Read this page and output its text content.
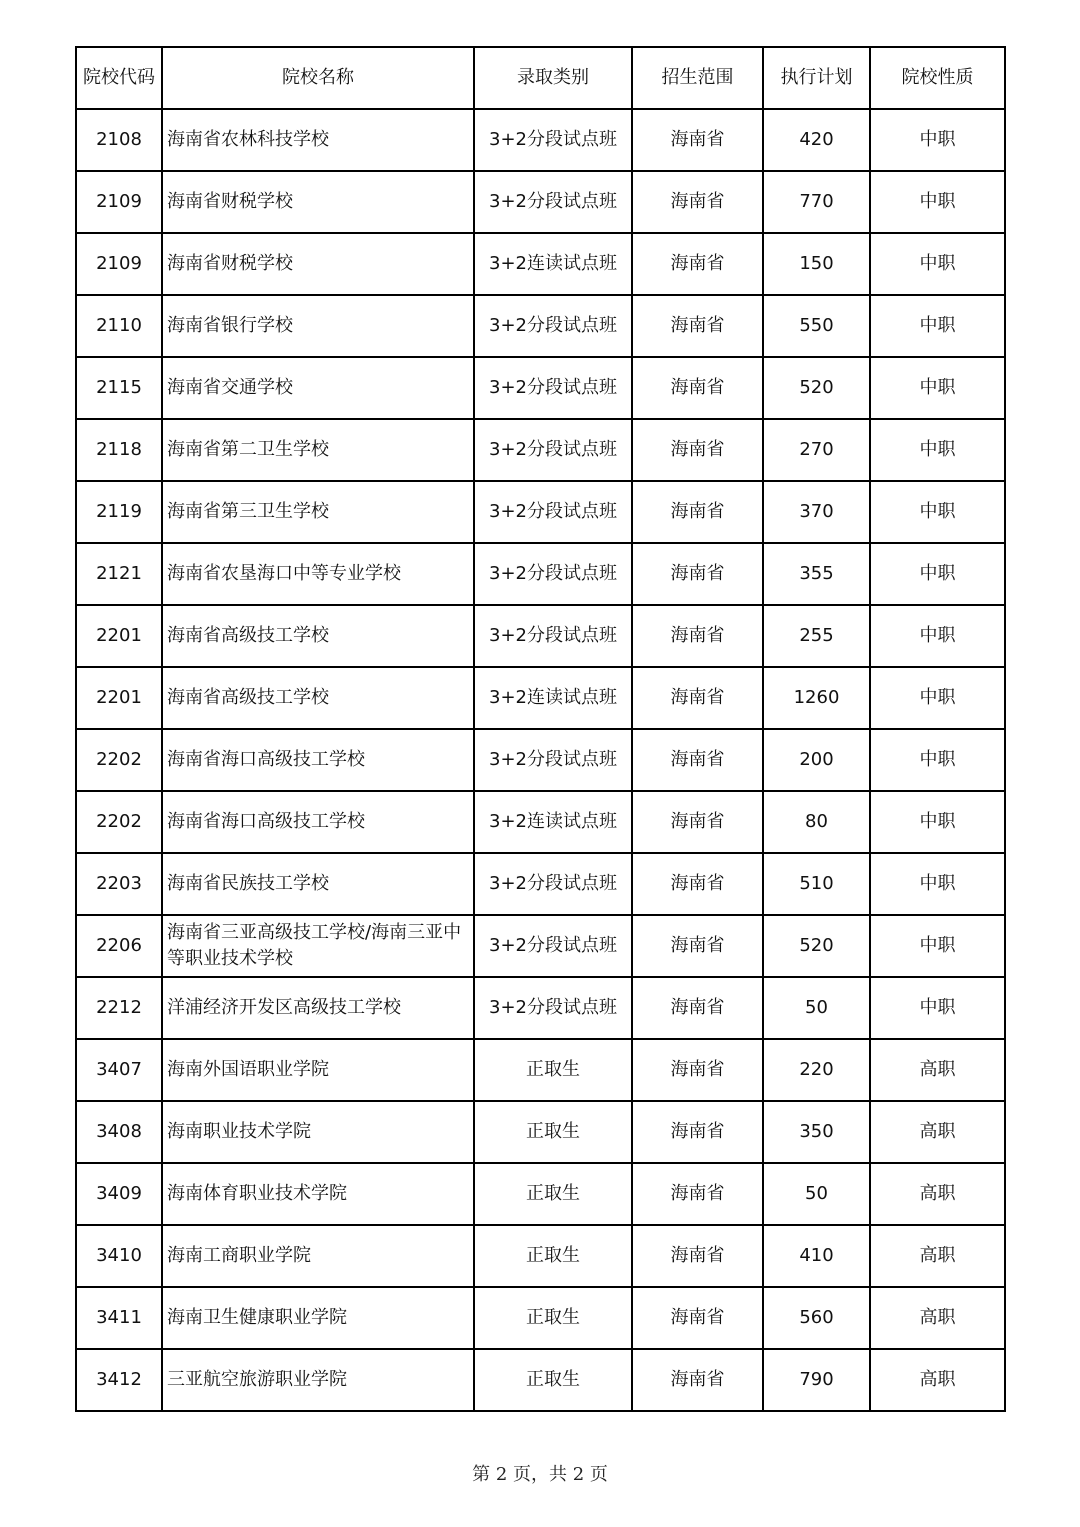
院校代码	院校名称	录取类别	招生范围	执行计划	院校性质
2108	海南省农林科技学校	3+2分段试点班	海南省	420	中职
2109	海南省财税学校	3+2分段试点班	海南省	770	中职
2109	海南省财税学校	3+2连读试点班	海南省	150	中职
2110	海南省银行学校	3+2分段试点班	海南省	550	中职
2115	海南省交通学校	3+2分段试点班	海南省	520	中职
2118	海南省第二卫生学校	3+2分段试点班	海南省	270	中职
2119	海南省第三卫生学校	3+2分段试点班	海南省	370	中职
2121	海南省农垦海口中等专业学校	3+2分段试点班	海南省	355	中职
2201	海南省高级技工学校	3+2分段试点班	海南省	255	中职
2201	海南省高级技工学校	3+2连读试点班	海南省	1260	中职
2202	海南省海口高级技工学校	3+2分段试点班	海南省	200	中职
2202	海南省海口高级技工学校	3+2连读试点班	海南省	80	中职
2203	海南省民族技工学校	3+2分段试点班	海南省	510	中职
2206	海南省三亚高级技工学校/海南三亚中等职业技术学校	3+2分段试点班	海南省	520	中职
2212	洋浦经济开发区高级技工学校	3+2分段试点班	海南省	50	中职
3407	海南外国语职业学院	正取生	海南省	220	高职
3408	海南职业技术学院	正取生	海南省	350	高职
3409	海南体育职业技术学院	正取生	海南省	50	高职
3410	海南工商职业学院	正取生	海南省	410	高职
3411	海南卫生健康职业学院	正取生	海南省	560	高职
3412	三亚航空旅游职业学院	正取生	海南省	790	高职
第 2 页，共 2 页
